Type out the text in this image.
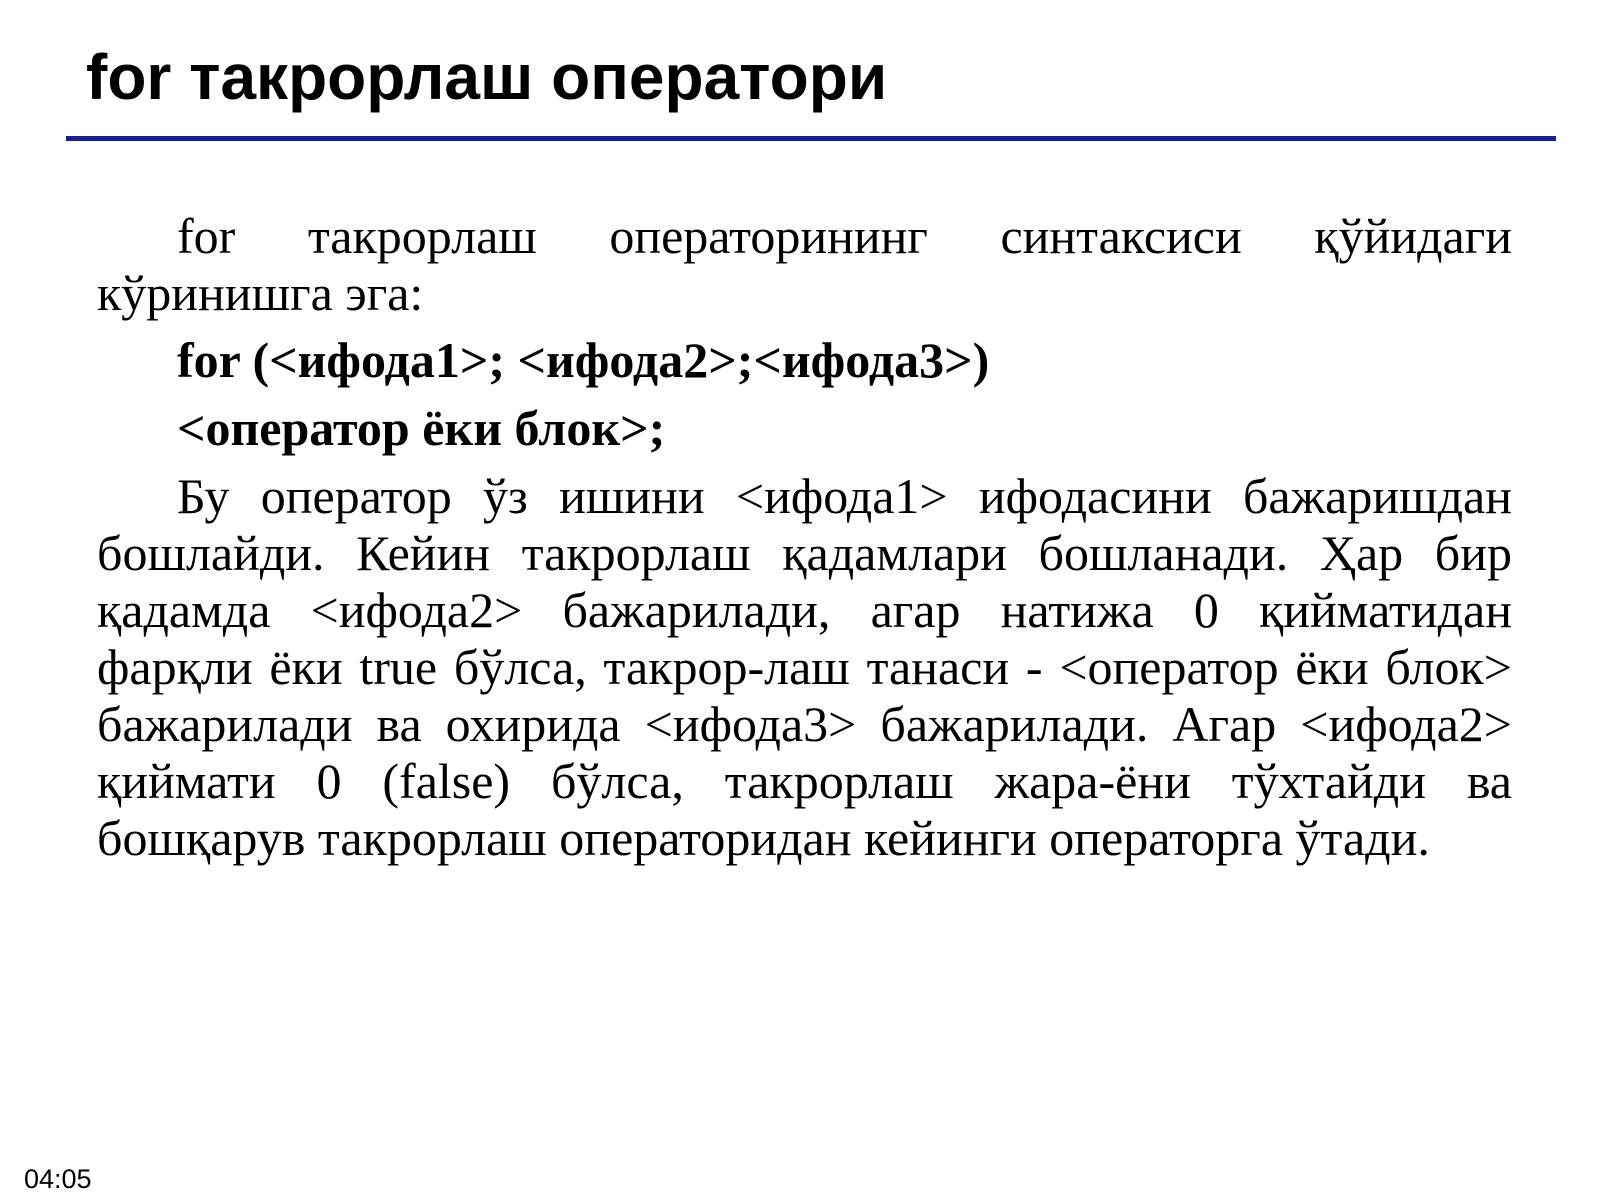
for такрорлаш оператори

for такрорлаш операторининг синтаксиси қўйидаги кўринишга эга:

for (<ифода1>; <ифода2>;<ифода3>)

<оператор ёки блок>;

Бу оператор ўз ишини <ифода1> ифодасини бажаришдан бошлайди. Кейин такрорлаш қадамлари бошланади. Ҳар бир қадамда <ифода2> бажарилади, агар натижа 0 қийматидан фарқли ёки true бўлса, такрор-лаш танаси - <оператор ёки блок> бажарилади ва охирида <ифода3> бажарилади. Агар <ифода2> қиймати 0 (false) бўлса, такрорлаш жара-ёни тўхтайди ва бошқарув такрорлаш операторидан кейинги операторга ўтади.

04:05
